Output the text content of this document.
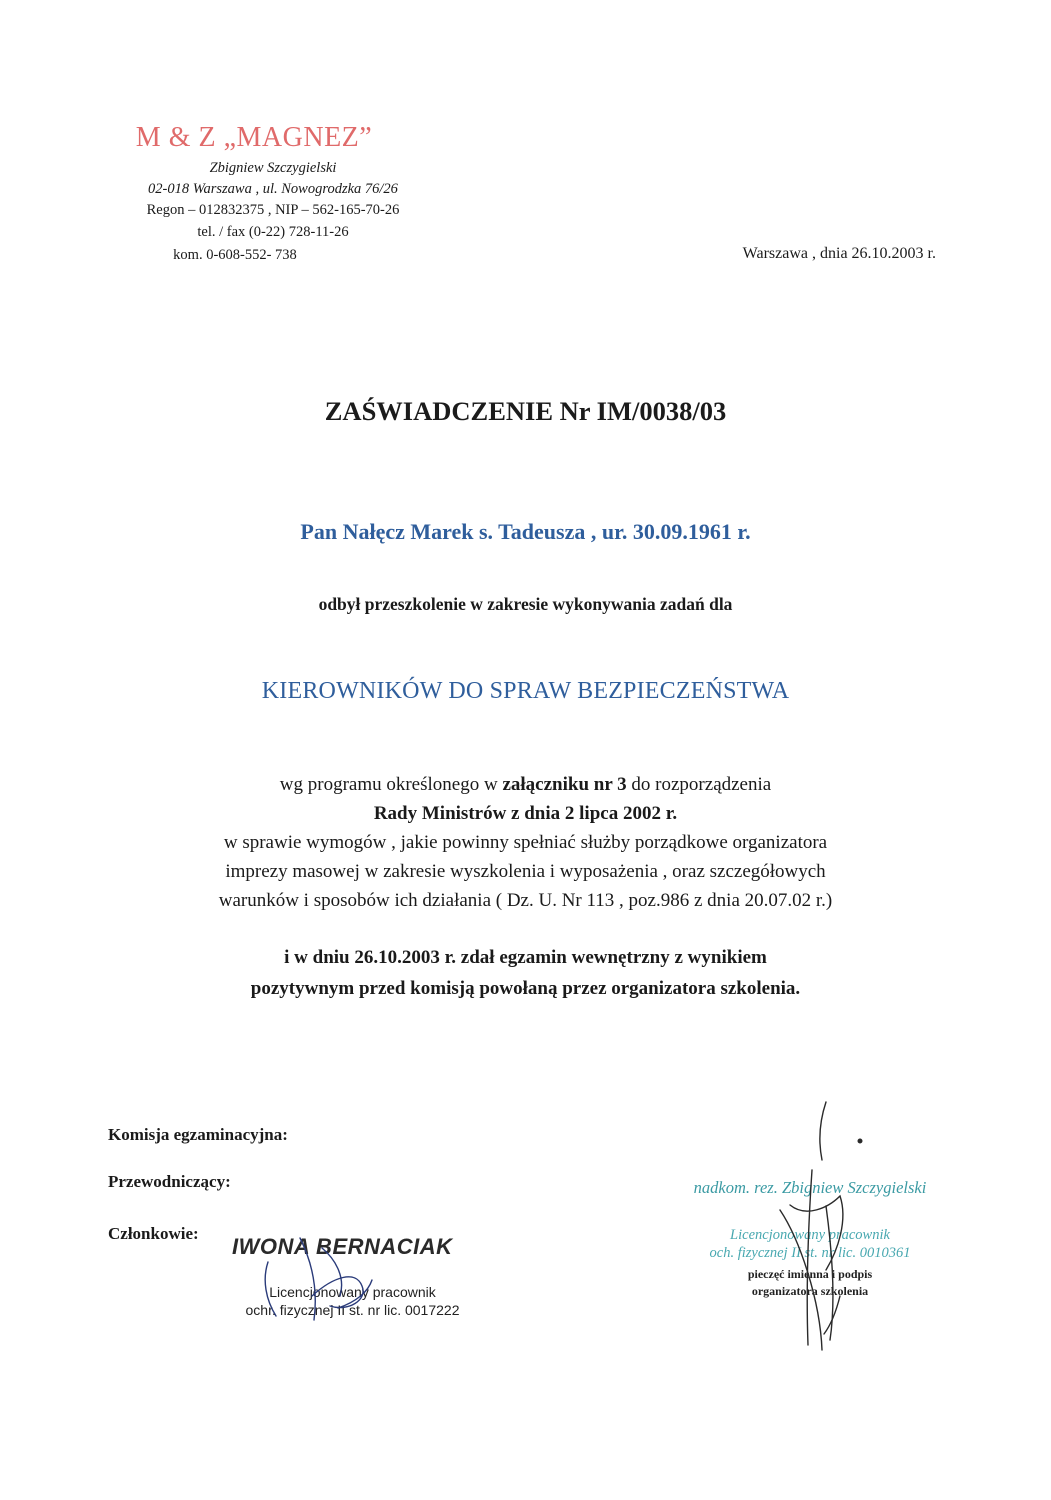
M & Z „MAGNEZ”
Zbigniew Szczygielski
02-018 Warszawa , ul. Nowogrodzka 76/26
Regon – 012832375 , NIP – 562-165-70-26
tel. / fax (0-22) 728-11-26
kom. 0-608-552- 738	Warszawa , dnia 26.10.2003 r.
ZAŚWIADCZENIE Nr IM/0038/03
Pan Nałęcz Marek s. Tadeusza , ur. 30.09.1961 r.
odbył przeszkolenie w zakresie wykonywania zadań dla
KIEROWNIKÓW DO SPRAW BEZPIECZEŃSTWA
wg programu określonego w załączniku nr 3 do rozporządzenia
Rady Ministrów z dnia 2 lipca 2002 r.
w sprawie wymogów , jakie powinny spełniać służby porządkowe organizatora
imprezy masowej w zakresie wyszkolenia i wyposażenia , oraz szczegółowych
warunków i sposobów ich działania ( Dz. U. Nr 113 , poz.986 z dnia 20.07.02 r.)
i w dniu 26.10.2003 r. zdał egzamin wewnętrzny z wynikiem
pozytywnym przed komisją powołaną przez organizatora szkolenia.
Komisja egzaminacyjna:
Przewodniczący:
Członkowie:
IWONA BERNACIAK
Licencjonowany pracownik
ochr. fizycznej II st. nr lic. 0017222
nadkom. rez. Zbigniew Szczygielski
Licencjonowany pracownik
och. fizycznej II st. nr lic. 0010361
pieczęć imienna i podpis
organizatora szkolenia
